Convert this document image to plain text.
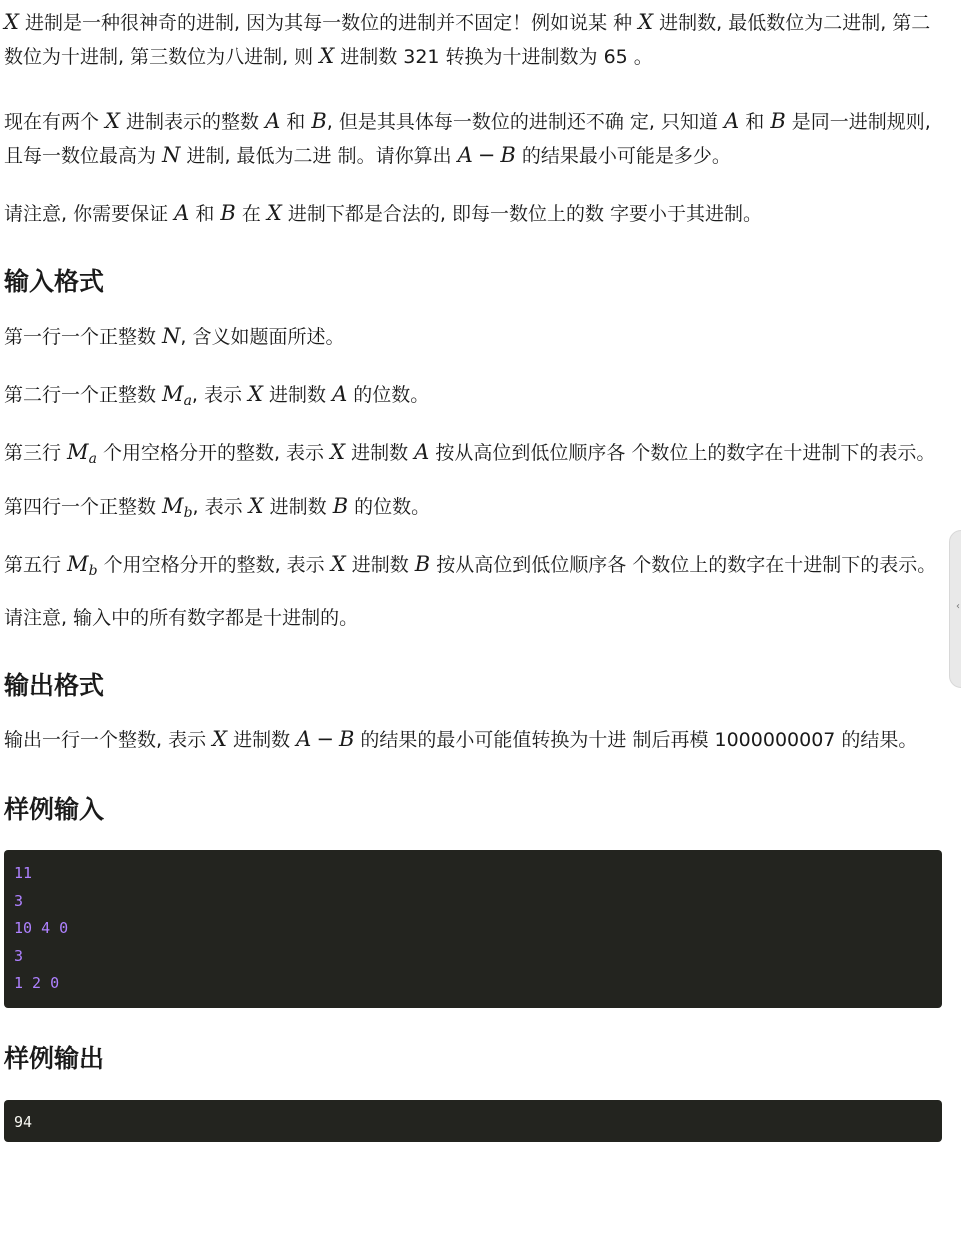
X 进制是一种很神奇的进制, 因为其每一数位的进制并不固定！例如说某 种 X 进制数, 最低数位为二进制, 第二数位为十进制, 第三数位为八进制, 则 X 进制数 321 转换为十进制数为 65 。

现在有两个 X 进制表示的整数 A 和 B, 但是其具体每一数位的进制还不确 定, 只知道 A 和 B 是同一进制规则, 且每一数位最高为 N 进制, 最低为二进 制。请你算出 A − B 的结果最小可能是多少。

请注意, 你需要保证 A 和 B 在 X 进制下都是合法的, 即每一数位上的数 字要小于其进制。

输入格式

第一行一个正整数 N, 含义如题面所述。

第二行一个正整数 $M_a$, 表示 X 进制数 A 的位数。

第三行 $M_a$ 个用空格分开的整数, 表示 X 进制数 A 按从高位到低位顺序各 个数位上的数字在十进制下的表示。

第四行一个正整数 $M_b$, 表示 X 进制数 B 的位数。

第五行 $M_b$ 个用空格分开的整数, 表示 X 进制数 B 按从高位到低位顺序各 个数位上的数字在十进制下的表示。

请注意, 输入中的所有数字都是十进制的。

输出格式

输出一行一个整数, 表示 X 进制数 A − B 的结果的最小可能值转换为十进 制后再模 1000000007 的结果。

样例输入
11
3
10 4 0
3
1 2 0
样例输出
94
‹
